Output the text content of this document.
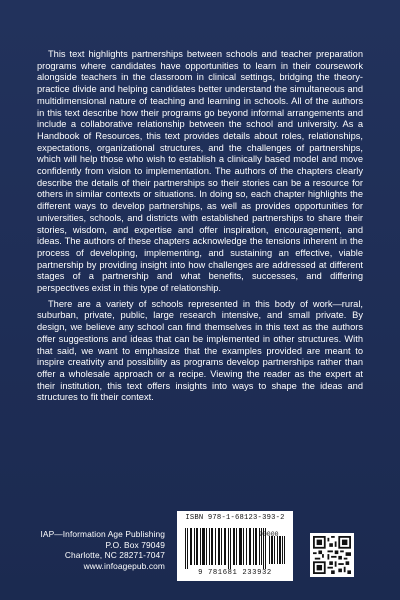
This text highlights partnerships between schools and teacher preparation programs where candidates have opportunities to learn in their coursework alongside teachers in the classroom in clinical settings, bridging the theory-practice divide and helping candidates better understand the simultaneous and multidimensional nature of teaching and learning in schools. All of the authors in this text describe how their programs go beyond informal arrangements and include a collaborative relationship between the school and university. As a Handbook of Resources, this text provides details about roles, relationships, expectations, organizational structures, and the challenges of partnerships, which will help those who wish to establish a clinically based model and move confidently from vision to implementation. The authors of the chapters clearly describe the details of their partnerships so their stories can be a resource for others in similar contexts or situations. In doing so, each chapter highlights the different ways to develop partnerships, as well as provides opportunities for universities, schools, and districts with established partnerships to share their stories, wisdom, and expertise and offer inspiration, encouragement, and ideas. The authors of these chapters acknowledge the tensions inherent in the process of developing, implementing, and sustaining an effective, viable partnership by providing insight into how challenges are addressed at different stages of a partnership and what benefits, successes, and differing perspectives exist in this type of relationship.

There are a variety of schools represented in this body of work—rural, suburban, private, public, large research intensive, and small private. By design, we believe any school can find themselves in this text as the authors offer suggestions and ideas that can be implemented in other structures. With that said, we want to emphasize that the examples provided are meant to inspire creativity and possibility as programs develop partnerships rather than offer a wholesale approach or a recipe. Viewing the reader as the expert at their institution, this text offers insights into ways to shape the ideas and structures to fit their context.

IAP—Information Age Publishing
P.O. Box 79049
Charlotte, NC 28271-7047
www.infoagepub.com
ISBN 978-1-68123-393-2
90000
9 781681 233932
